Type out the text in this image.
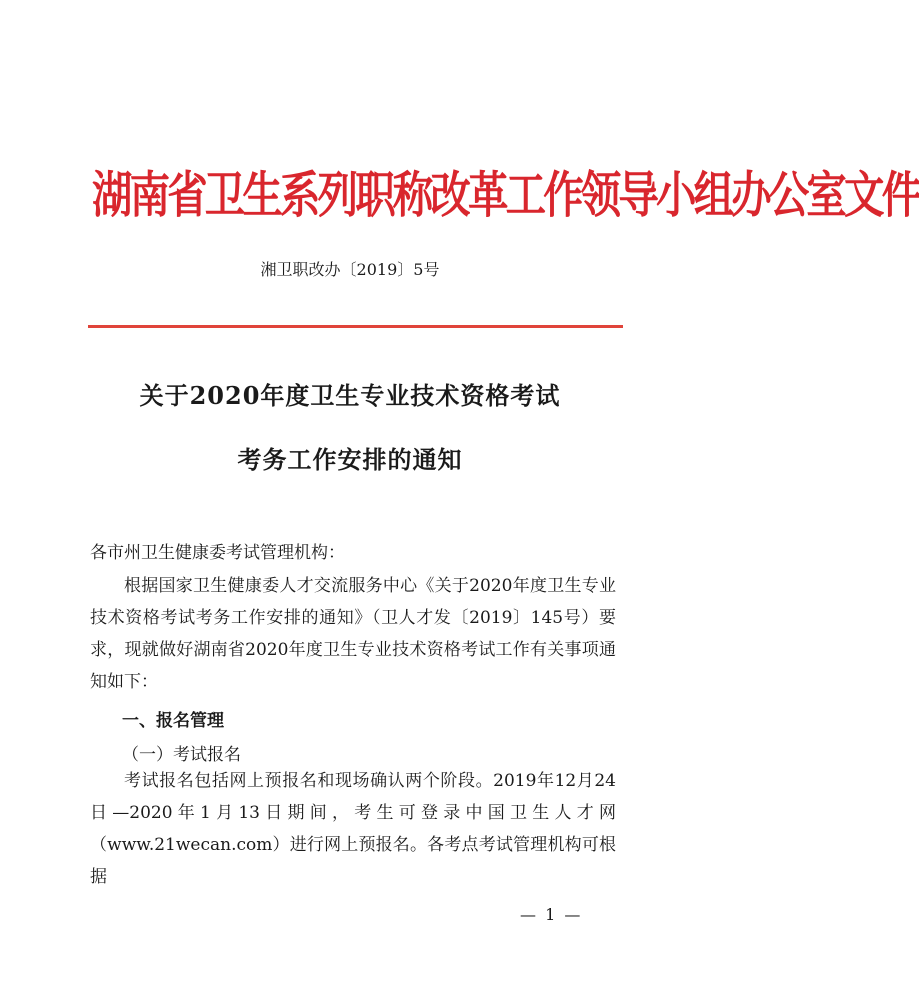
湖南省卫生系列职称改革工作领导小组办公室文件
湘卫职改办〔2019〕5号
关于2020年度卫生专业技术资格考试
考务工作安排的通知
各市州卫生健康委考试管理机构：
根据国家卫生健康委人才交流服务中心《关于2020年度卫生专业技术资格考试考务工作安排的通知》（卫人才发〔2019〕145号）要求，现就做好湖南省2020年度卫生专业技术资格考试工作有关事项通知如下：
一、报名管理
（一）考试报名
考试报名包括网上预报名和现场确认两个阶段。2019年12月24日—2020年1月13日期间，考生可登录中国卫生人才网（www.21wecan.com）进行网上预报名。各考点考试管理机构可根据
— 1 —
